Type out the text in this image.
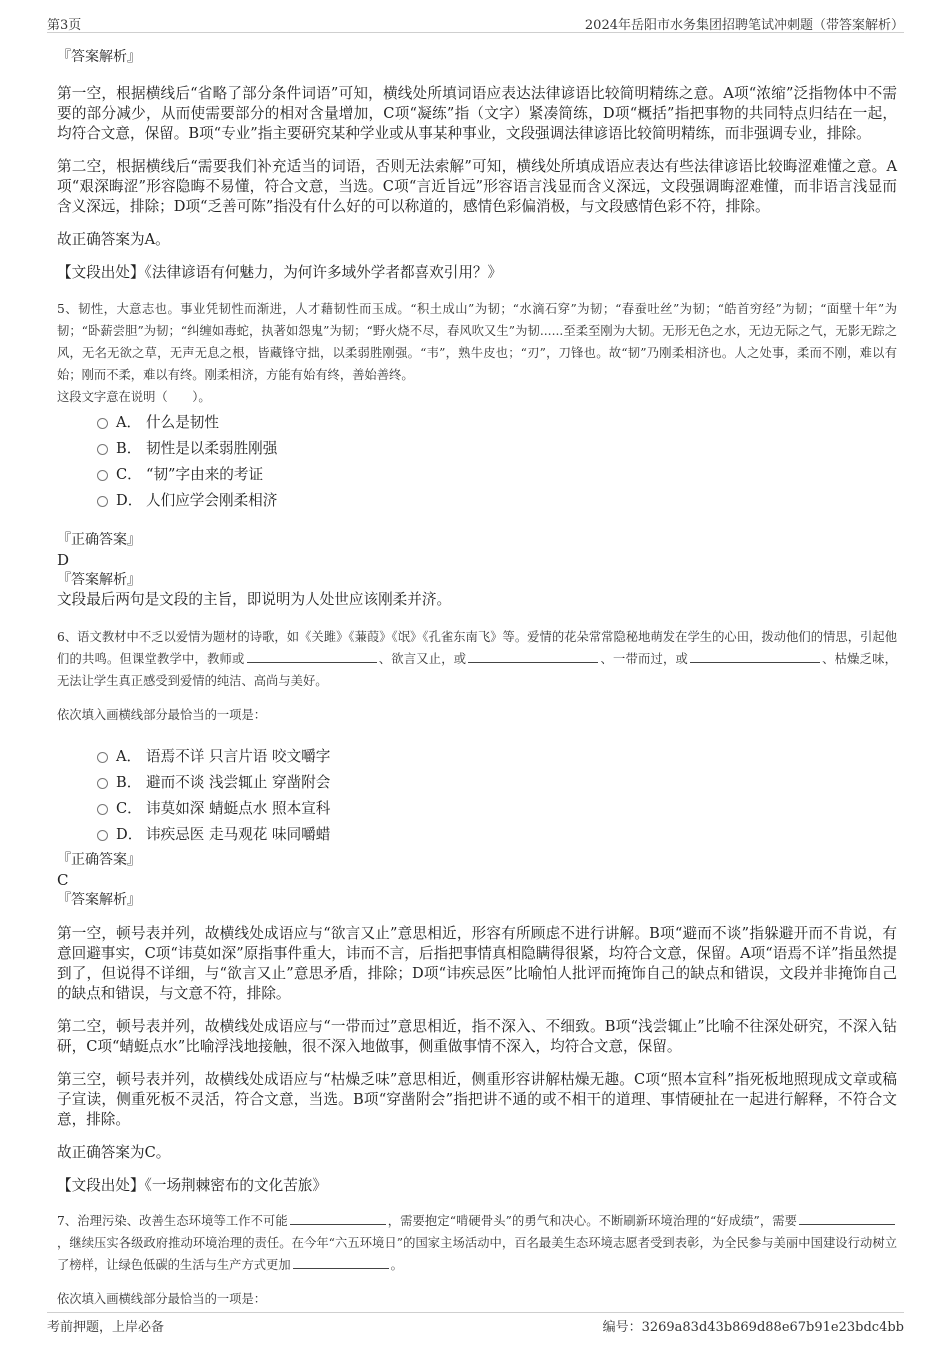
第3页	2024年岳阳市水务集团招聘笔试冲刺题（带答案解析）

『答案解析』

第一空，根据横线后“省略了部分条件词语”可知，横线处所填词语应表达法律谚语比较简明精练之意。A项“浓缩”泛指物体中不需要的部分减少，从而使需要部分的相对含量增加，C项“凝练”指（文字）紧凑简练，D项“概括”指把事物的共同特点归结在一起，均符合文意，保留。B项“专业”指主要研究某种学业或从事某种事业，文段强调法律谚语比较简明精练，而非强调专业，排除。

第二空，根据横线后“需要我们补充适当的词语，否则无法索解”可知，横线处所填成语应表达有些法律谚语比较晦涩难懂之意。A项“艰深晦涩”形容隐晦不易懂，符合文意，当选。C项“言近旨远”形容语言浅显而含义深远，文段强调晦涩难懂，而非语言浅显而含义深远，排除；D项“乏善可陈”指没有什么好的可以称道的，感情色彩偏消极，与文段感情色彩不符，排除。

故正确答案为A。

【文段出处】《法律谚语有何魅力，为何许多域外学者都喜欢引用？》

5、韧性，大意志也。事业凭韧性而渐进，人才藉韧性而玉成。“积土成山”为韧；“水滴石穿”为韧；“春蚕吐丝”为韧；“皓首穷经”为韧；“面壁十年”为韧；“卧薪尝胆”为韧；“纠缠如毒蛇，执著如怨鬼”为韧；“野火烧不尽，春风吹又生”为韧......至柔至刚为大韧。无形无色之水，无边无际之气，无影无踪之风，无名无欲之草，无声无息之根，皆藏锋守拙，以柔弱胜刚强。“韦”，熟牛皮也；“刃”，刀锋也。故“韧”乃刚柔相济也。人之处事，柔而不刚，难以有始；刚而不柔，难以有终。刚柔相济，方能有始有终，善始善终。

这段文字意在说明（　　）。

A． 什么是韧性
B． 韧性是以柔弱胜刚强
C． “韧”字由来的考证
D． 人们应学会刚柔相济

『正确答案』

D

『答案解析』

文段最后两句是文段的主旨，即说明为人处世应该刚柔并济。

6、语文教材中不乏以爱情为题材的诗歌，如《关雎》《蒹葭》《氓》《孔雀东南飞》等。爱情的花朵常常隐秘地萌发在学生的心田，拨动他们的情思，引起他们的共鸣。但课堂教学中，教师或	、欲言又止，或	、一带而过，或	、枯燥乏味，无法让学生真正感受到爱情的纯洁、高尚与美好。

依次填入画横线部分最恰当的一项是：

A． 语焉不详 只言片语 咬文嚼字
B． 避而不谈 浅尝辄止 穿凿附会
C． 讳莫如深 蜻蜓点水 照本宣科
D． 讳疾忌医 走马观花 味同嚼蜡

『正确答案』

C

『答案解析』

第一空，顿号表并列，故横线处成语应与“欲言又止”意思相近，形容有所顾虑不进行讲解。B项“避而不谈”指躲避开而不肯说，有意回避事实，C项“讳莫如深”原指事件重大，讳而不言，后指把事情真相隐瞒得很紧，均符合文意，保留。A项“语焉不详”指虽然提到了，但说得不详细，与“欲言又止”意思矛盾，排除；D项“讳疾忌医”比喻怕人批评而掩饰自己的缺点和错误，文段并非掩饰自己的缺点和错误，与文意不符，排除。

第二空，顿号表并列，故横线处成语应与“一带而过”意思相近，指不深入、不细致。B项“浅尝辄止”比喻不往深处研究，不深入钻研，C项“蜻蜓点水”比喻浮浅地接触，很不深入地做事，侧重做事情不深入，均符合文意，保留。

第三空，顿号表并列，故横线处成语应与“枯燥乏味”意思相近，侧重形容讲解枯燥无趣。C项“照本宣科”指死板地照现成文章或稿子宣读，侧重死板不灵活，符合文意，当选。B项“穿凿附会”指把讲不通的或不相干的道理、事情硬扯在一起进行解释，不符合文意，排除。

故正确答案为C。

【文段出处】《一场荆棘密布的文化苦旅》

7、治理污染、改善生态环境等工作不可能	，需要抱定“啃硬骨头”的勇气和决心。不断刷新环境治理的“好成绩”，需要，继续压实各级政府推动环境治理的责任。在今年“六五环境日”的国家主场活动中，百名最美生态环境志愿者受到表彰，为全民参与美丽中国建设行动树立了榜样，让绿色低碳的生活与生产方式更加	。

依次填入画横线部分最恰当的一项是：

考前押题，上岸必备	编号：3269a83d43b869d88e67b91e23bdc4bb
